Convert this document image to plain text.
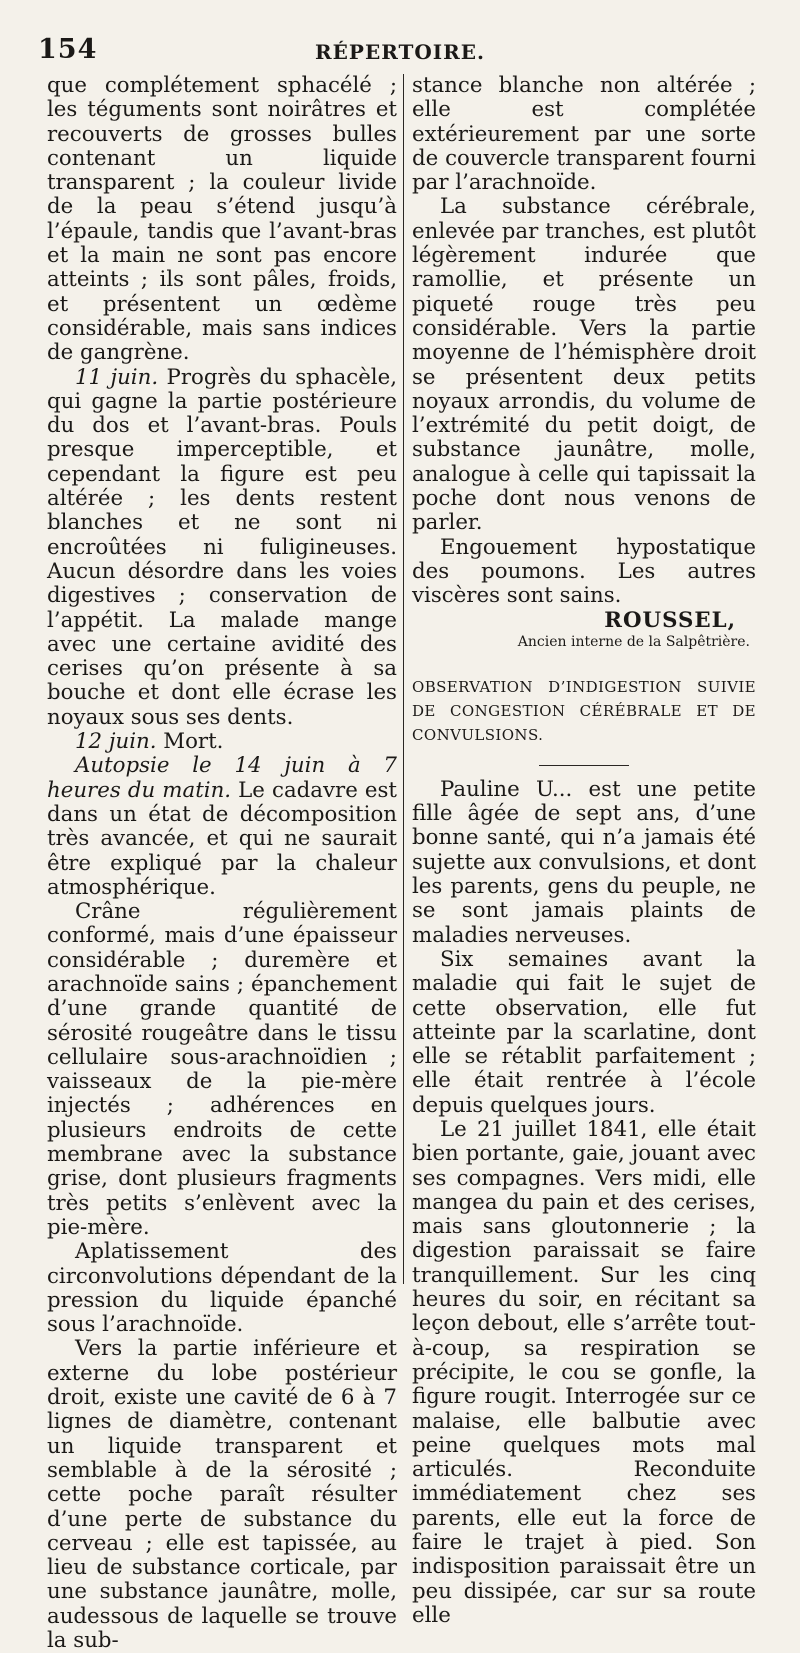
154	RÉPERTOIRE.

que complétement sphacélé ; les téguments sont noirâtres et recouverts de grosses bulles contenant un liquide transparent ; la couleur livide de la peau s’étend jusqu’à l’épaule, tandis que l’avant-bras et la main ne sont pas encore atteints ; ils sont pâles, froids, et présentent un œdème considérable, mais sans indices de gangrène.

11 juin. Progrès du sphacèle, qui gagne la partie postérieure du dos et l’avant-bras. Pouls presque imperceptible, et cependant la figure est peu altérée ; les dents restent blanches et ne sont ni encroûtées ni fuligineuses. Aucun désordre dans les voies digestives ; conservation de l’appétit. La malade mange avec une certaine avidité des cerises qu’on présente à sa bouche et dont elle écrase les noyaux sous ses dents.

12 juin. Mort.

Autopsie le 14 juin à 7 heures du matin. Le cadavre est dans un état de décomposition très avancée, et qui ne saurait être expliqué par la chaleur atmosphérique.

Crâne régulièrement conformé, mais d’une épaisseur considérable ; duremère et arachnoïde sains ; épanchement d’une grande quantité de sérosité rougeâtre dans le tissu cellulaire sous-arachnoïdien ; vaisseaux de la pie-mère injectés ; adhérences en plusieurs endroits de cette membrane avec la substance grise, dont plusieurs fragments très petits s’enlèvent avec la pie-mère.

Aplatissement des circonvolutions dépendant de la pression du liquide épanché sous l’arachnoïde.

Vers la partie inférieure et externe du lobe postérieur droit, existe une cavité de 6 à 7 lignes de diamètre, contenant un liquide transparent et semblable à de la sérosité ; cette poche paraît résulter d’une perte de substance du cerveau ; elle est tapissée, au lieu de substance corticale, par une substance jaunâtre, molle, audessous de laquelle se trouve la sub-

stance blanche non altérée ; elle est complétée extérieurement par une sorte de couvercle transparent fourni par l’arachnoïde.

La substance cérébrale, enlevée par tranches, est plutôt légèrement indurée que ramollie, et présente un piqueté rouge très peu considérable. Vers la partie moyenne de l’hémisphère droit se présentent deux petits noyaux arrondis, du volume de l’extrémité du petit doigt, de substance jaunâtre, molle, analogue à celle qui tapissait la poche dont nous venons de parler.

Engouement hypostatique des poumons. Les autres viscères sont sains.

ROUSSEL,

Ancien interne de la Salpêtrière.

OBSERVATION D’INDIGESTION SUIVIE DE CONGESTION CÉRÉBRALE ET DE CONVULSIONS.

Pauline U... est une petite fille âgée de sept ans, d’une bonne santé, qui n’a jamais été sujette aux convulsions, et dont les parents, gens du peuple, ne se sont jamais plaints de maladies nerveuses.

Six semaines avant la maladie qui fait le sujet de cette observation, elle fut atteinte par la scarlatine, dont elle se rétablit parfaitement ; elle était rentrée à l’école depuis quelques jours.

Le 21 juillet 1841, elle était bien portante, gaie, jouant avec ses compagnes. Vers midi, elle mangea du pain et des cerises, mais sans gloutonnerie ; la digestion paraissait se faire tranquillement. Sur les cinq heures du soir, en récitant sa leçon debout, elle s’arrête tout-à-coup, sa respiration se précipite, le cou se gonfle, la figure rougit. Interrogée sur ce malaise, elle balbutie avec peine quelques mots mal articulés. Reconduite immédiatement chez ses parents, elle eut la force de faire le trajet à pied. Son indisposition paraissait être un peu dissipée, car sur sa route elle
